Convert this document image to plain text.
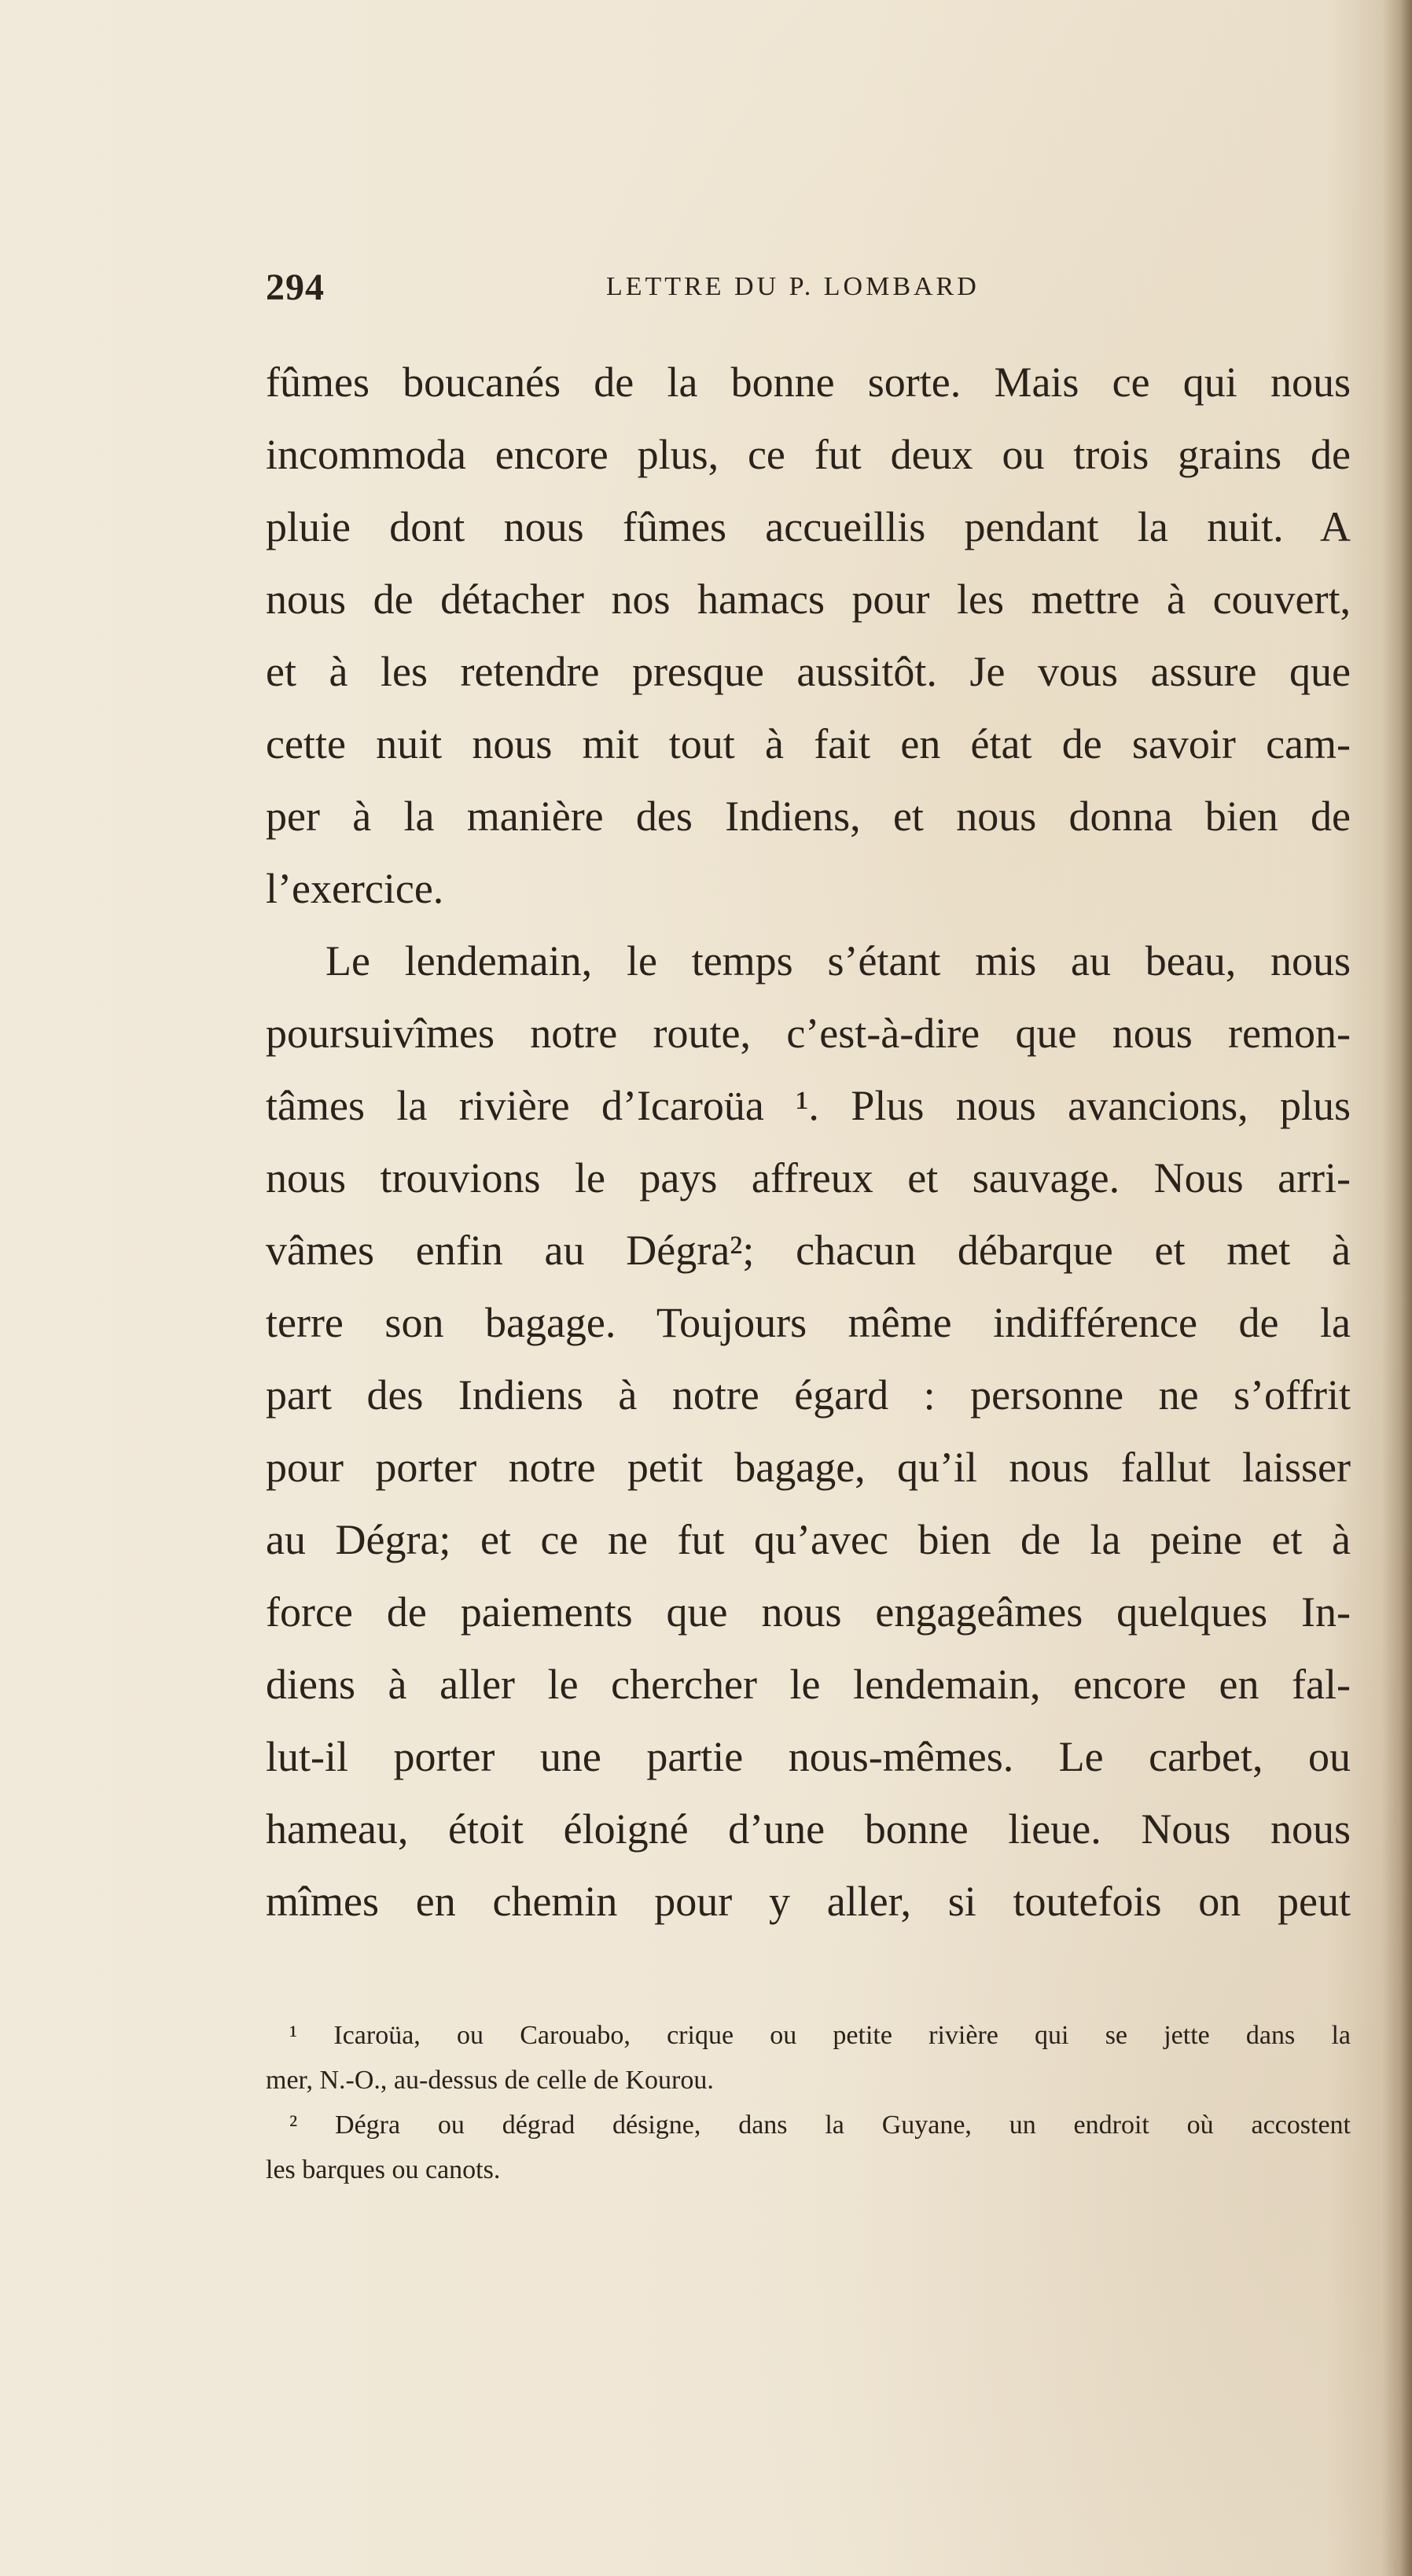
294	LETTRE DU P. LOMBARD
fûmes boucanés de la bonne sorte. Mais ce qui nous
incommoda encore plus, ce fut deux ou trois grains de
pluie dont nous fûmes accueillis pendant la nuit. A
nous de détacher nos hamacs pour les mettre à couvert,
et à les retendre presque aussitôt. Je vous assure que
cette nuit nous mit tout à fait en état de savoir cam-
per à la manière des Indiens, et nous donna bien de
l’exercice.
Le lendemain, le temps s’étant mis au beau, nous
poursuivîmes notre route, c’est-à-dire que nous remon-
tâmes la rivière d’Icaroüa ¹. Plus nous avancions, plus
nous trouvions le pays affreux et sauvage. Nous arri-
vâmes enfin au Dégra²; chacun débarque et met à
terre son bagage. Toujours même indifférence de la
part des Indiens à notre égard : personne ne s’offrit
pour porter notre petit bagage, qu’il nous fallut laisser
au Dégra; et ce ne fut qu’avec bien de la peine et à
force de paiements que nous engageâmes quelques In-
diens à aller le chercher le lendemain, encore en fal-
lut-il porter une partie nous-mêmes. Le carbet, ou
hameau, étoit éloigné d’une bonne lieue. Nous nous
mîmes en chemin pour y aller, si toutefois on peut
¹ Icaroüa, ou Carouabo, crique ou petite rivière qui se jette dans la
mer, N.-O., au-dessus de celle de Kourou.
² Dégra ou dégrad désigne, dans la Guyane, un endroit où accostent
les barques ou canots.
